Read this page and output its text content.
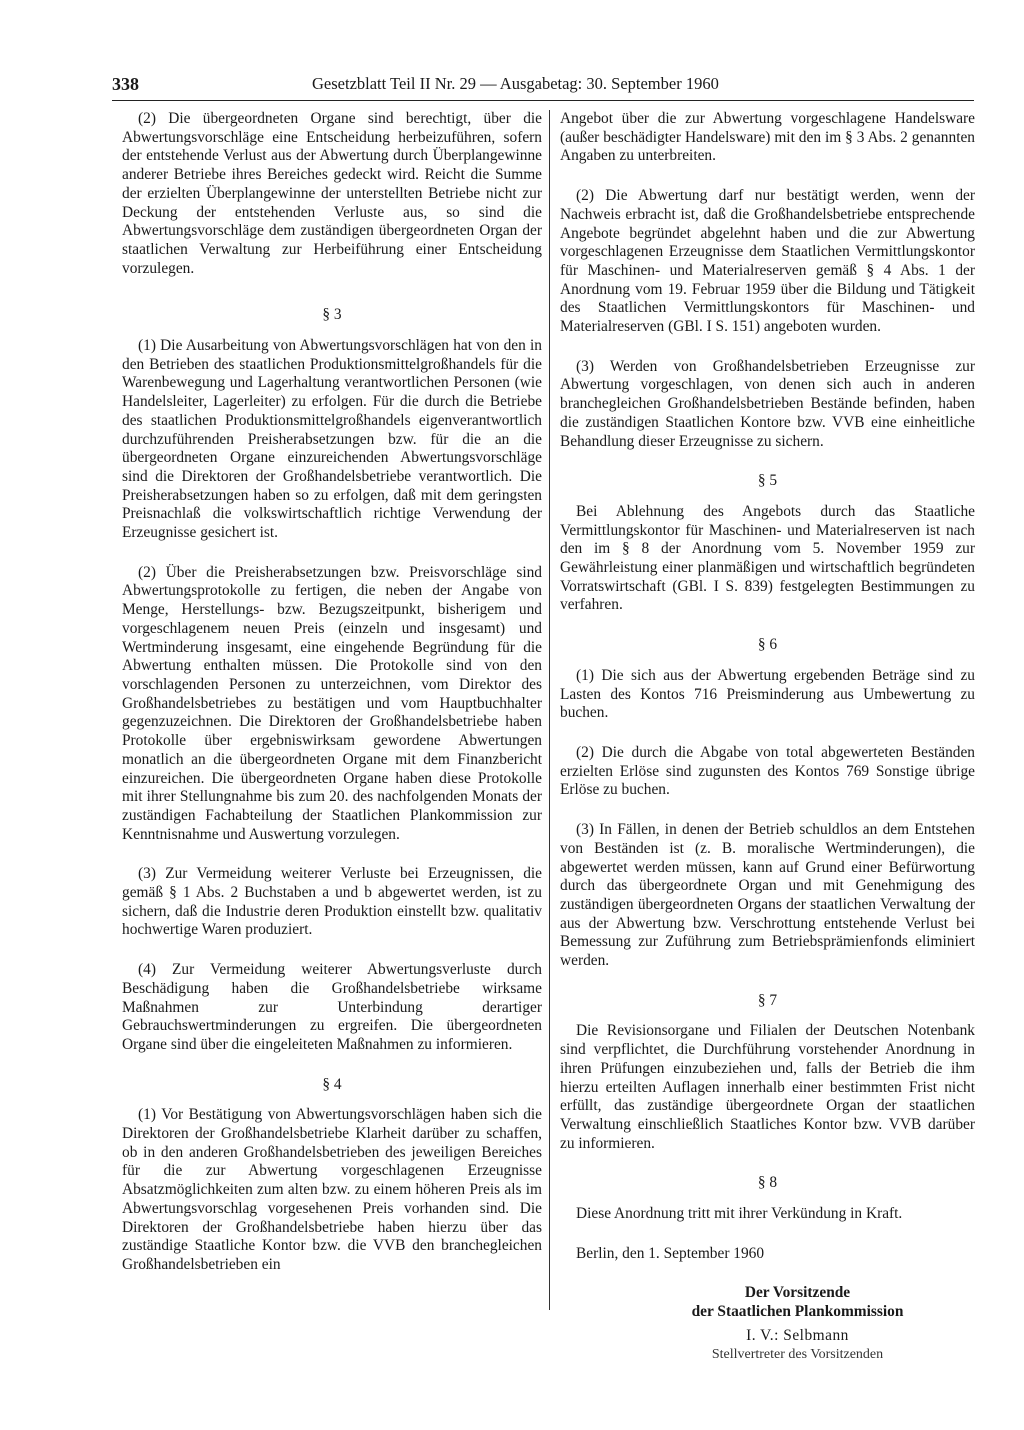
338	Gesetzblatt Teil II Nr. 29 — Ausgabetag: 30. September 1960

(2) Die übergeordneten Organe sind berechtigt, über die Abwertungsvorschläge eine Entscheidung herbeizuführen, sofern der entstehende Verlust aus der Abwertung durch Überplangewinne anderer Betriebe ihres Bereiches gedeckt wird. Reicht die Summe der erzielten Überplangewinne der unterstellten Betriebe nicht zur Deckung der entstehenden Verluste aus, so sind die Abwertungsvorschläge dem zuständigen übergeordneten Organ der staatlichen Verwaltung zur Herbeiführung einer Entscheidung vorzulegen.

§ 3

(1) Die Ausarbeitung von Abwertungsvorschlägen hat von den in den Betrieben des staatlichen Produktionsmittelgroßhandels für die Warenbewegung und Lagerhaltung verantwortlichen Personen (wie Handelsleiter, Lagerleiter) zu erfolgen. Für die durch die Betriebe des staatlichen Produktionsmittelgroßhandels eigenverantwortlich durchzuführenden Preisherabsetzungen bzw. für die an die übergeordneten Organe einzureichenden Abwertungsvorschläge sind die Direktoren der Großhandelsbetriebe verantwortlich. Die Preisherabsetzungen haben so zu erfolgen, daß mit dem geringsten Preisnachlaß die volkswirtschaftlich richtige Verwendung der Erzeugnisse gesichert ist.

(2) Über die Preisherabsetzungen bzw. Preisvorschläge sind Abwertungsprotokolle zu fertigen, die neben der Angabe von Menge, Herstellungs- bzw. Bezugszeitpunkt, bisherigem und vorgeschlagenem neuen Preis (einzeln und insgesamt) und Wertminderung insgesamt, eine eingehende Begründung für die Abwertung enthalten müssen. Die Protokolle sind von den vorschlagenden Personen zu unterzeichnen, vom Direktor des Großhandelsbetriebes zu bestätigen und vom Hauptbuchhalter gegenzuzeichnen. Die Direktoren der Großhandelsbetriebe haben Protokolle über ergebniswirksam gewordene Abwertungen monatlich an die übergeordneten Organe mit dem Finanzbericht einzureichen. Die übergeordneten Organe haben diese Protokolle mit ihrer Stellungnahme bis zum 20. des nachfolgenden Monats der zuständigen Fachabteilung der Staatlichen Plankommission zur Kenntnisnahme und Auswertung vorzulegen.

(3) Zur Vermeidung weiterer Verluste bei Erzeugnissen, die gemäß § 1 Abs. 2 Buchstaben a und b abgewertet werden, ist zu sichern, daß die Industrie deren Produktion einstellt bzw. qualitativ hochwertige Waren produziert.

(4) Zur Vermeidung weiterer Abwertungsverluste durch Beschädigung haben die Großhandelsbetriebe wirksame Maßnahmen zur Unterbindung derartiger Gebrauchswertminderungen zu ergreifen. Die übergeordneten Organe sind über die eingeleiteten Maßnahmen zu informieren.

§ 4

(1) Vor Bestätigung von Abwertungsvorschlägen haben sich die Direktoren der Großhandelsbetriebe Klarheit darüber zu schaffen, ob in den anderen Großhandelsbetrieben des jeweiligen Bereiches für die zur Abwertung vorgeschlagenen Erzeugnisse Absatzmöglichkeiten zum alten bzw. zu einem höheren Preis als im Abwertungsvorschlag vorgesehenen Preis vorhanden sind. Die Direktoren der Großhandelsbetriebe haben hierzu über das zuständige Staatliche Kontor bzw. die VVB den branchegleichen Großhandelsbetrieben ein

Angebot über die zur Abwertung vorgeschlagene Handelsware (außer beschädigter Handelsware) mit den im § 3 Abs. 2 genannten Angaben zu unterbreiten.

(2) Die Abwertung darf nur bestätigt werden, wenn der Nachweis erbracht ist, daß die Großhandelsbetriebe entsprechende Angebote begründet abgelehnt haben und die zur Abwertung vorgeschlagenen Erzeugnisse dem Staatlichen Vermittlungskontor für Maschinen- und Materialreserven gemäß § 4 Abs. 1 der Anordnung vom 19. Februar 1959 über die Bildung und Tätigkeit des Staatlichen Vermittlungskontors für Maschinen- und Materialreserven (GBl. I S. 151) angeboten wurden.

(3) Werden von Großhandelsbetrieben Erzeugnisse zur Abwertung vorgeschlagen, von denen sich auch in anderen branchegleichen Großhandelsbetrieben Bestände befinden, haben die zuständigen Staatlichen Kontore bzw. VVB eine einheitliche Behandlung dieser Erzeugnisse zu sichern.

§ 5

Bei Ablehnung des Angebots durch das Staatliche Vermittlungskontor für Maschinen- und Materialreserven ist nach den im § 8 der Anordnung vom 5. November 1959 zur Gewährleistung einer planmäßigen und wirtschaftlich begründeten Vorratswirtschaft (GBl. I S. 839) festgelegten Bestimmungen zu verfahren.

§ 6

(1) Die sich aus der Abwertung ergebenden Beträge sind zu Lasten des Kontos 716 Preisminderung aus Umbewertung zu buchen.

(2) Die durch die Abgabe von total abgewerteten Beständen erzielten Erlöse sind zugunsten des Kontos 769 Sonstige übrige Erlöse zu buchen.

(3) In Fällen, in denen der Betrieb schuldlos an dem Entstehen von Beständen ist (z. B. moralische Wertminderungen), die abgewertet werden müssen, kann auf Grund einer Befürwortung durch das übergeordnete Organ und mit Genehmigung des zuständigen übergeordneten Organs der staatlichen Verwaltung der aus der Abwertung bzw. Verschrottung entstehende Verlust bei Bemessung zur Zuführung zum Betriebsprämienfonds eliminiert werden.

§ 7

Die Revisionsorgane und Filialen der Deutschen Notenbank sind verpflichtet, die Durchführung vorstehender Anordnung in ihren Prüfungen einzubeziehen und, falls der Betrieb die ihm hierzu erteilten Auflagen innerhalb einer bestimmten Frist nicht erfüllt, das zuständige übergeordnete Organ der staatlichen Verwaltung einschließlich Staatliches Kontor bzw. VVB darüber zu informieren.

§ 8

Diese Anordnung tritt mit ihrer Verkündung in Kraft.

Berlin, den 1. September 1960
Der Vorsitzende
der Staatlichen Plankommission
I. V.: Selbmann
Stellvertreter des Vorsitzenden
